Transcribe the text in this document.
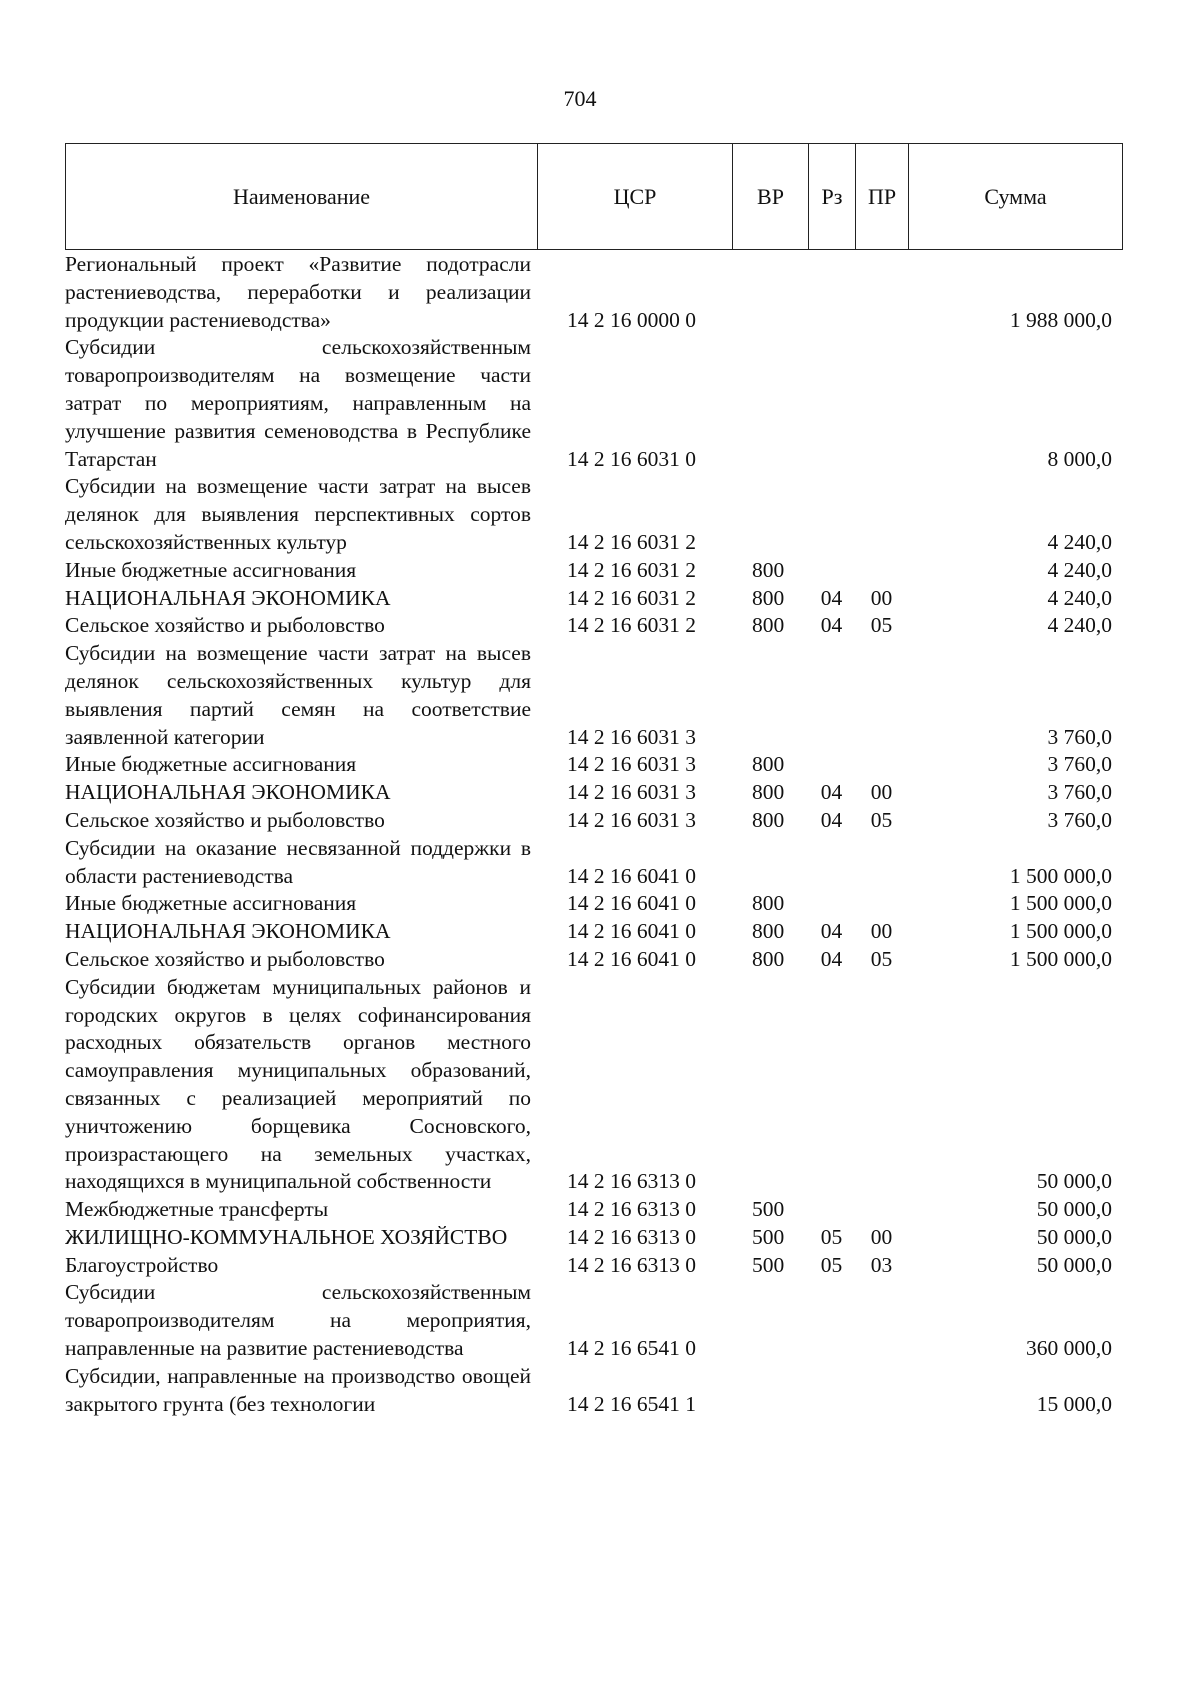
704
Наименование	ЦСР	ВР	Рз	ПР	Сумма
Региональный проект «Развитие подотрасли растениеводства, переработки и реализации продукции растениеводства»	14 2 16 0000 0				1 988 000,0
Субсидии сельскохозяйственным товаропроизводителям на возмещение части затрат по мероприятиям, направленным на улучшение развития семеноводства в Республике Татарстан	14 2 16 6031 0				8 000,0
Субсидии на возмещение части затрат на высев делянок для выявления перспективных сортов сельскохозяйственных культур	14 2 16 6031 2				4 240,0
Иные бюджетные ассигнования	14 2 16 6031 2	800			4 240,0
НАЦИОНАЛЬНАЯ ЭКОНОМИКА	14 2 16 6031 2	800	04	00	4 240,0
Сельское хозяйство и рыболовство	14 2 16 6031 2	800	04	05	4 240,0
Субсидии на возмещение части затрат на высев делянок сельскохозяйственных культур для выявления партий семян на соответствие заявленной категории	14 2 16 6031 3				3 760,0
Иные бюджетные ассигнования	14 2 16 6031 3	800			3 760,0
НАЦИОНАЛЬНАЯ ЭКОНОМИКА	14 2 16 6031 3	800	04	00	3 760,0
Сельское хозяйство и рыболовство	14 2 16 6031 3	800	04	05	3 760,0
Субсидии на оказание несвязанной поддержки в области растениеводства	14 2 16 6041 0				1 500 000,0
Иные бюджетные ассигнования	14 2 16 6041 0	800			1 500 000,0
НАЦИОНАЛЬНАЯ ЭКОНОМИКА	14 2 16 6041 0	800	04	00	1 500 000,0
Сельское хозяйство и рыболовство	14 2 16 6041 0	800	04	05	1 500 000,0
Субсидии бюджетам муниципальных районов и городских округов в целях софинансирования расходных обязательств органов местного самоуправления муниципальных образований, связанных с реализацией мероприятий по уничтожению борщевика Сосновского, произрастающего на земельных участках, находящихся в муниципальной собственности	14 2 16 6313 0				50 000,0
Межбюджетные трансферты	14 2 16 6313 0	500			50 000,0
ЖИЛИЩНО-КОММУНАЛЬНОЕ ХОЗЯЙСТВО	14 2 16 6313 0	500	05	00	50 000,0
Благоустройство	14 2 16 6313 0	500	05	03	50 000,0
Субсидии сельскохозяйственным товаропроизводителям на мероприятия, направленные на развитие растениеводства	14 2 16 6541 0				360 000,0
Субсидии, направленные на производство овощей закрытого грунта (без технологии	14 2 16 6541 1				15 000,0
